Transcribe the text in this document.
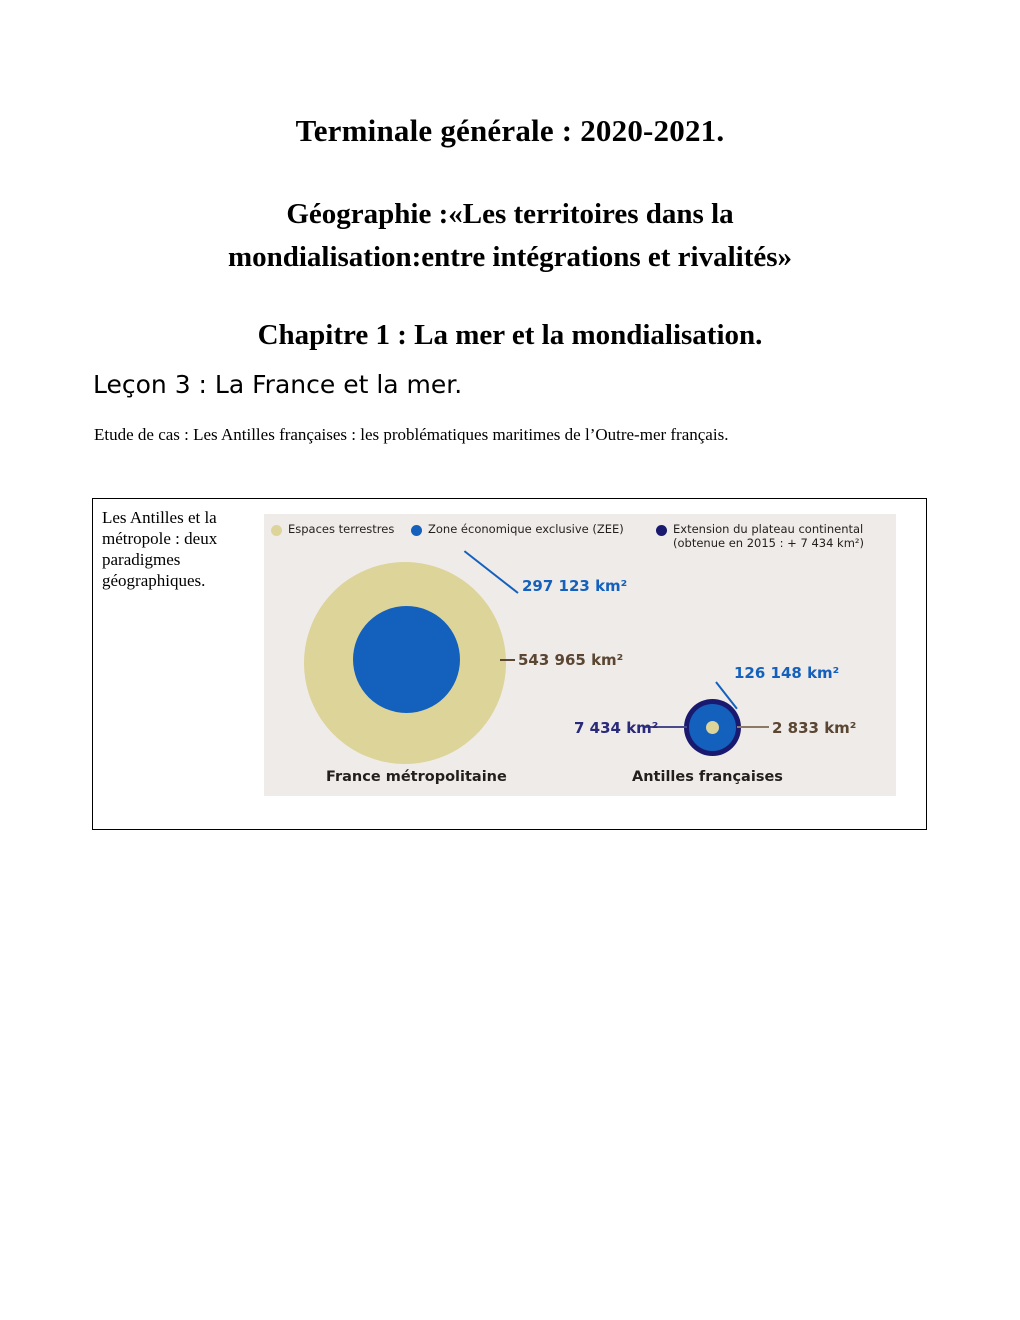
Terminale générale : 2020-2021.
Géographie :«Les territoires dans la
mondialisation:entre intégrations et rivalités»
Chapitre 1 : La mer et la mondialisation.
Leçon 3 : La France et la mer.
Etude de cas : Les Antilles françaises : les problématiques maritimes de l’Outre-mer français.
Les Antilles et la métropole : deux paradigmes géographiques.
Espaces terrestres	Zone économique exclusive (ZEE)	Extension du plateau continental
(obtenue en 2015 : + 7 434 km²)
297 123 km²
543 965 km²
126 148 km²
7 434 km²	2 833 km²
France métropolitaine	Antilles françaises
